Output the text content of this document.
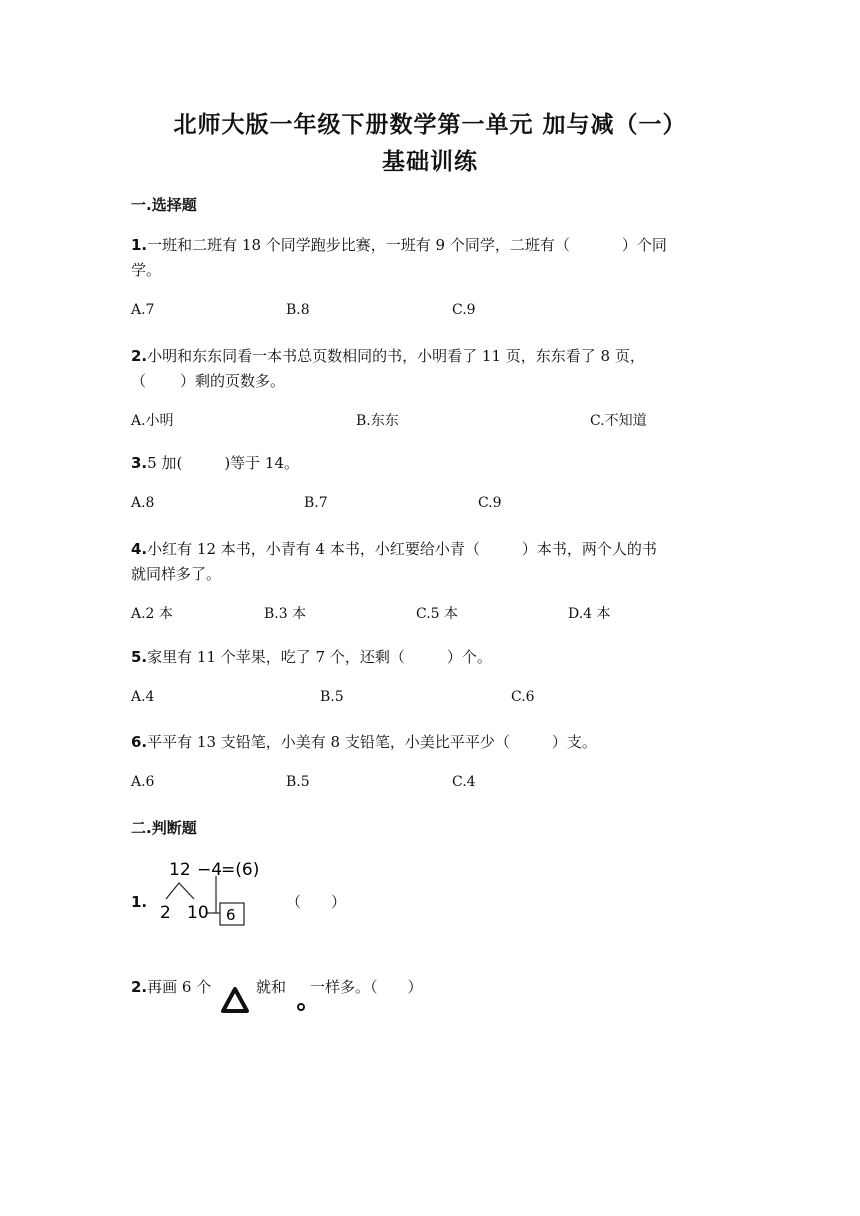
北师大版一年级下册数学第一单元 加与减（一）
基础训练
一.选择题
1.一班和二班有 18 个同学跑步比赛，一班有 9 个同学，二班有（	）个同
学。
A.7	B.8	C.9
2.小明和东东同看一本书总页数相同的书，小明看了 11 页，东东看了 8 页，
（ ）剩的页数多。
A.小明	B.东东	C.不知道
3.5 加(	)等于 14。
A.8	B.7	C.9
4.小红有 12 本书，小青有 4 本书，小红要给小青（	）本书，两个人的书
就同样多了。
A.2 本	B.3 本	C.5 本	D.4 本
5.家里有 11 个苹果，吃了 7 个，还剩（	）个。
A.4	B.5	C.6
6.平平有 13 支铅笔，小美有 8 支铅笔，小美比平平少（	）支。
A.6	B.5	C.4
二.判断题
1.
12 −4
=(6)
2 10 6
（　　）
2.再画 6 个	就和	一样多。（　　）
